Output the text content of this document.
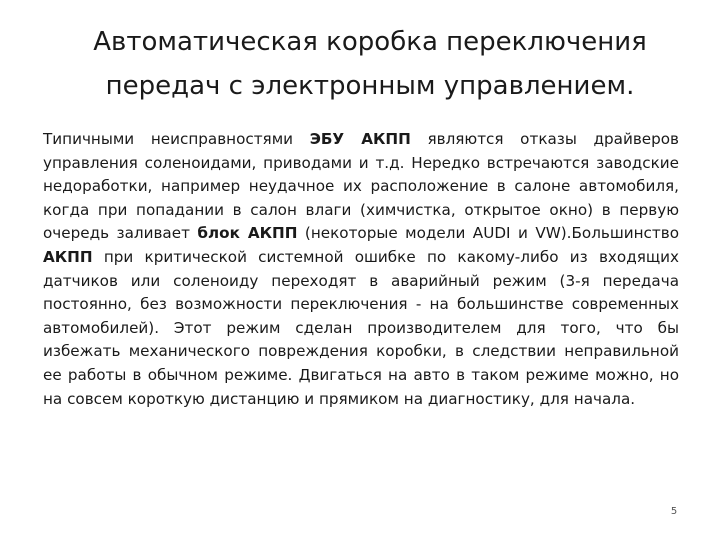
Автоматическая коробка переключения
передач с электронным управлением.
Типичными неисправностями ЭБУ АКПП являются отказы драйверов управления соленоидами, приводами и т.д. Нередко встречаются заводские недоработки, например неудачное их расположение в салоне автомобиля, когда при попадании в салон влаги (химчистка, открытое окно) в первую очередь заливает блок АКПП (некоторые модели AUDI и VW).Большинство АКПП при критической системной ошибке по какому-либо из входящих датчиков или соленоиду переходят в аварийный режим (3-я передача постоянно, без возможности переключения - на большинстве современных автомобилей). Этот режим сделан производителем для того, что бы избежать механического повреждения коробки, в следствии неправильной ее работы в обычном режиме. Двигаться на авто в таком режиме можно, но на совсем короткую дистанцию и прямиком на диагностику, для начала.
5
